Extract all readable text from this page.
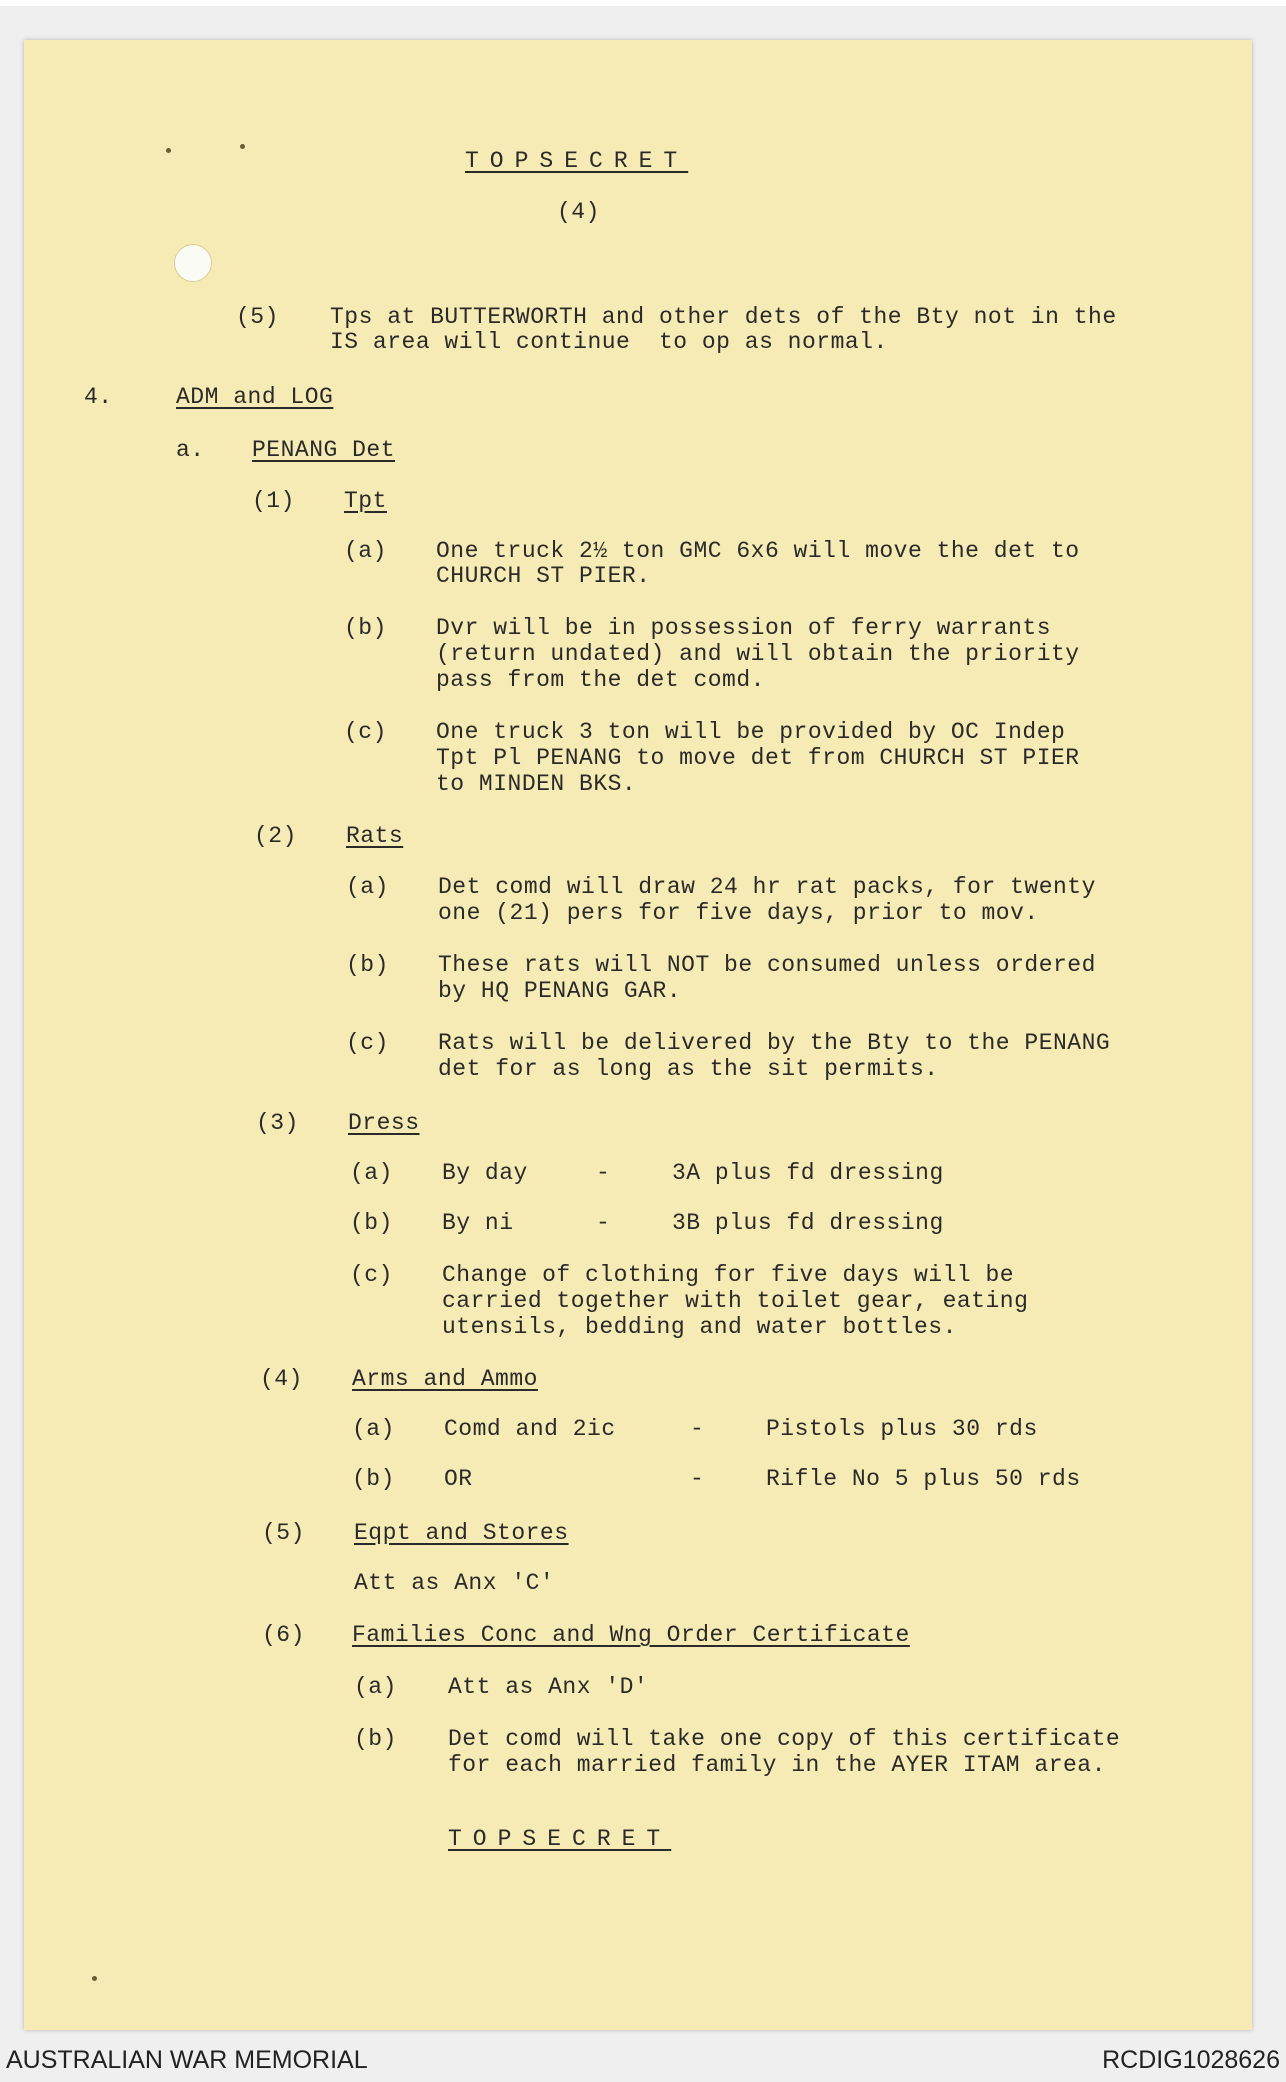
TOPSECRET
(4)
(5) Tps at BUTTERWORTH and other dets of the Bty not in the
IS area will continue  to op as normal.
4.	ADM and LOG
a. PENANG Det
(1) Tpt
(a) One truck 2½ ton GMC 6x6 will move the det to
CHURCH ST PIER.
(b) Dvr will be in possession of ferry warrants
(return undated) and will obtain the priority
pass from the det comd.
(c) One truck 3 ton will be provided by OC Indep
Tpt Pl PENANG to move det from CHURCH ST PIER
to MINDEN BKS.
(2) Rats
(a) Det comd will draw 24 hr rat packs, for twenty
one (21) pers for five days, prior to mov.
(b) These rats will NOT be consumed unless ordered
by HQ PENANG GAR.
(c) Rats will be delivered by the Bty to the PENANG
det for as long as the sit permits.
(3) Dress
(a) By day	-	3A plus fd dressing
(b) By ni	-	3B plus fd dressing
(c) Change of clothing for five days will be
carried together with toilet gear, eating
utensils, bedding and water bottles.
(4) Arms and Ammo
(a) Comd and 2ic	-	Pistols plus 30 rds
(b) OR	-	Rifle No 5 plus 50 rds
(5) Eqpt and Stores
Att as Anx 'C'
(6) Families Conc and Wng Order Certificate
(a) Att as Anx 'D'
(b) Det comd will take one copy of this certificate
for each married family in the AYER ITAM area.
TOPSECRET
AUSTRALIAN WAR MEMORIAL	RCDIG1028626
